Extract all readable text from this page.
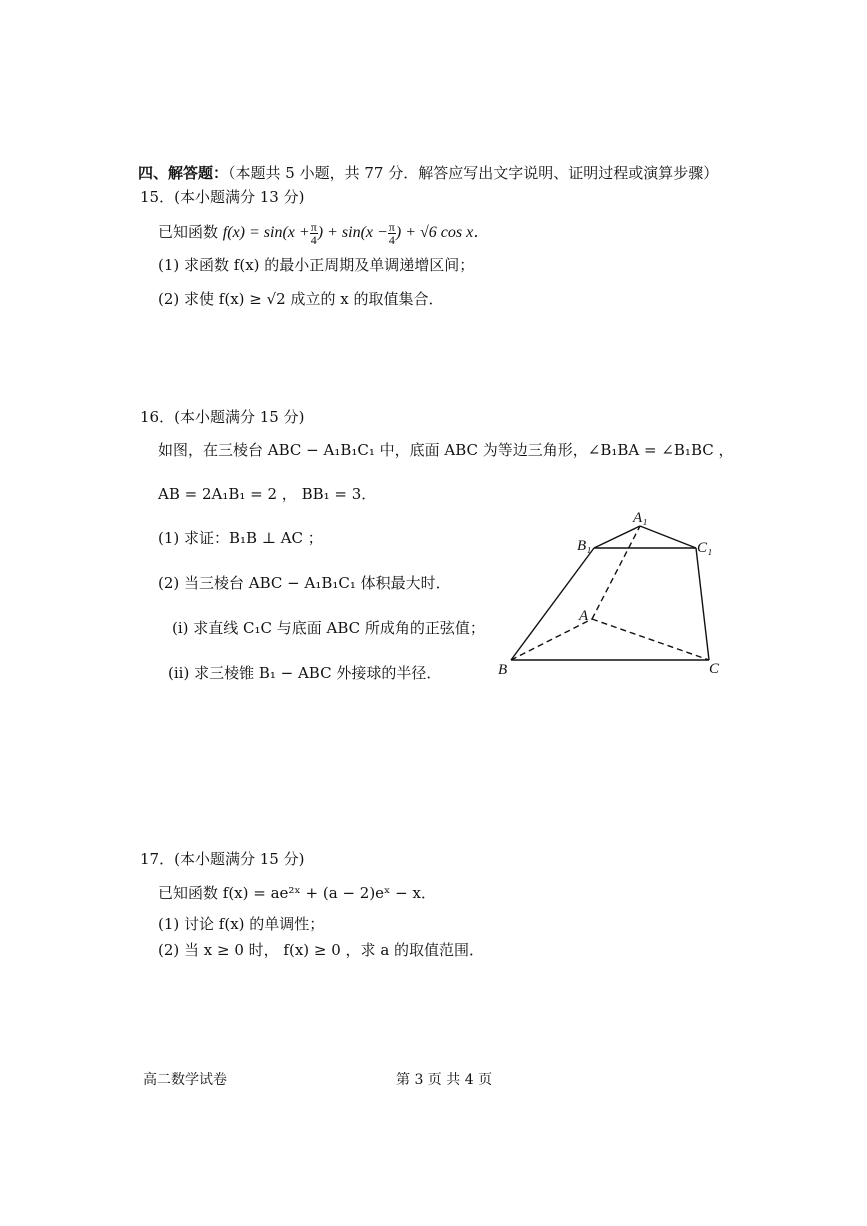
四、解答题：（本题共 5 小题，共 77 分．解答应写出文字说明、证明过程或演算步骤）
15．(本小题满分 13 分)
已知函数 $f(x) = \sin(x + \frac{\pi}{4}$ ) + $\sin(x - \frac{\pi}{4}$ ) + √6 cos x．
(1) 求函数 f(x) 的最小正周期及单调递增区间；
(2) 求使 f(x) ≥ √2 成立的 x 的取值集合．
16．(本小题满分 15 分)
如图，在三棱台 ABC − A₁B₁C₁ 中，底面 ABC 为等边三角形，∠B₁BA = ∠B₁BC ，
AB = 2A₁B₁ = 2 ， BB₁ = 3．
(1) 求证：B₁B ⊥ AC ；
(2) 当三棱台 ABC − A₁B₁C₁ 体积最大时．
(i) 求直线 C₁C 与底面 ABC 所成角的正弦值；
(ii) 求三棱锥 B₁ − ABC 外接球的半径．
A₁
B₁	C₁
A
B	C
17．(本小题满分 15 分)
已知函数 f(x) = ae²ˣ + (a − 2)eˣ − x．
(1) 讨论 f(x) 的单调性；
(2) 当 x ≥ 0 时， f(x) ≥ 0 ，求 a 的取值范围．
高二数学试卷	第 3 页 共 4 页
